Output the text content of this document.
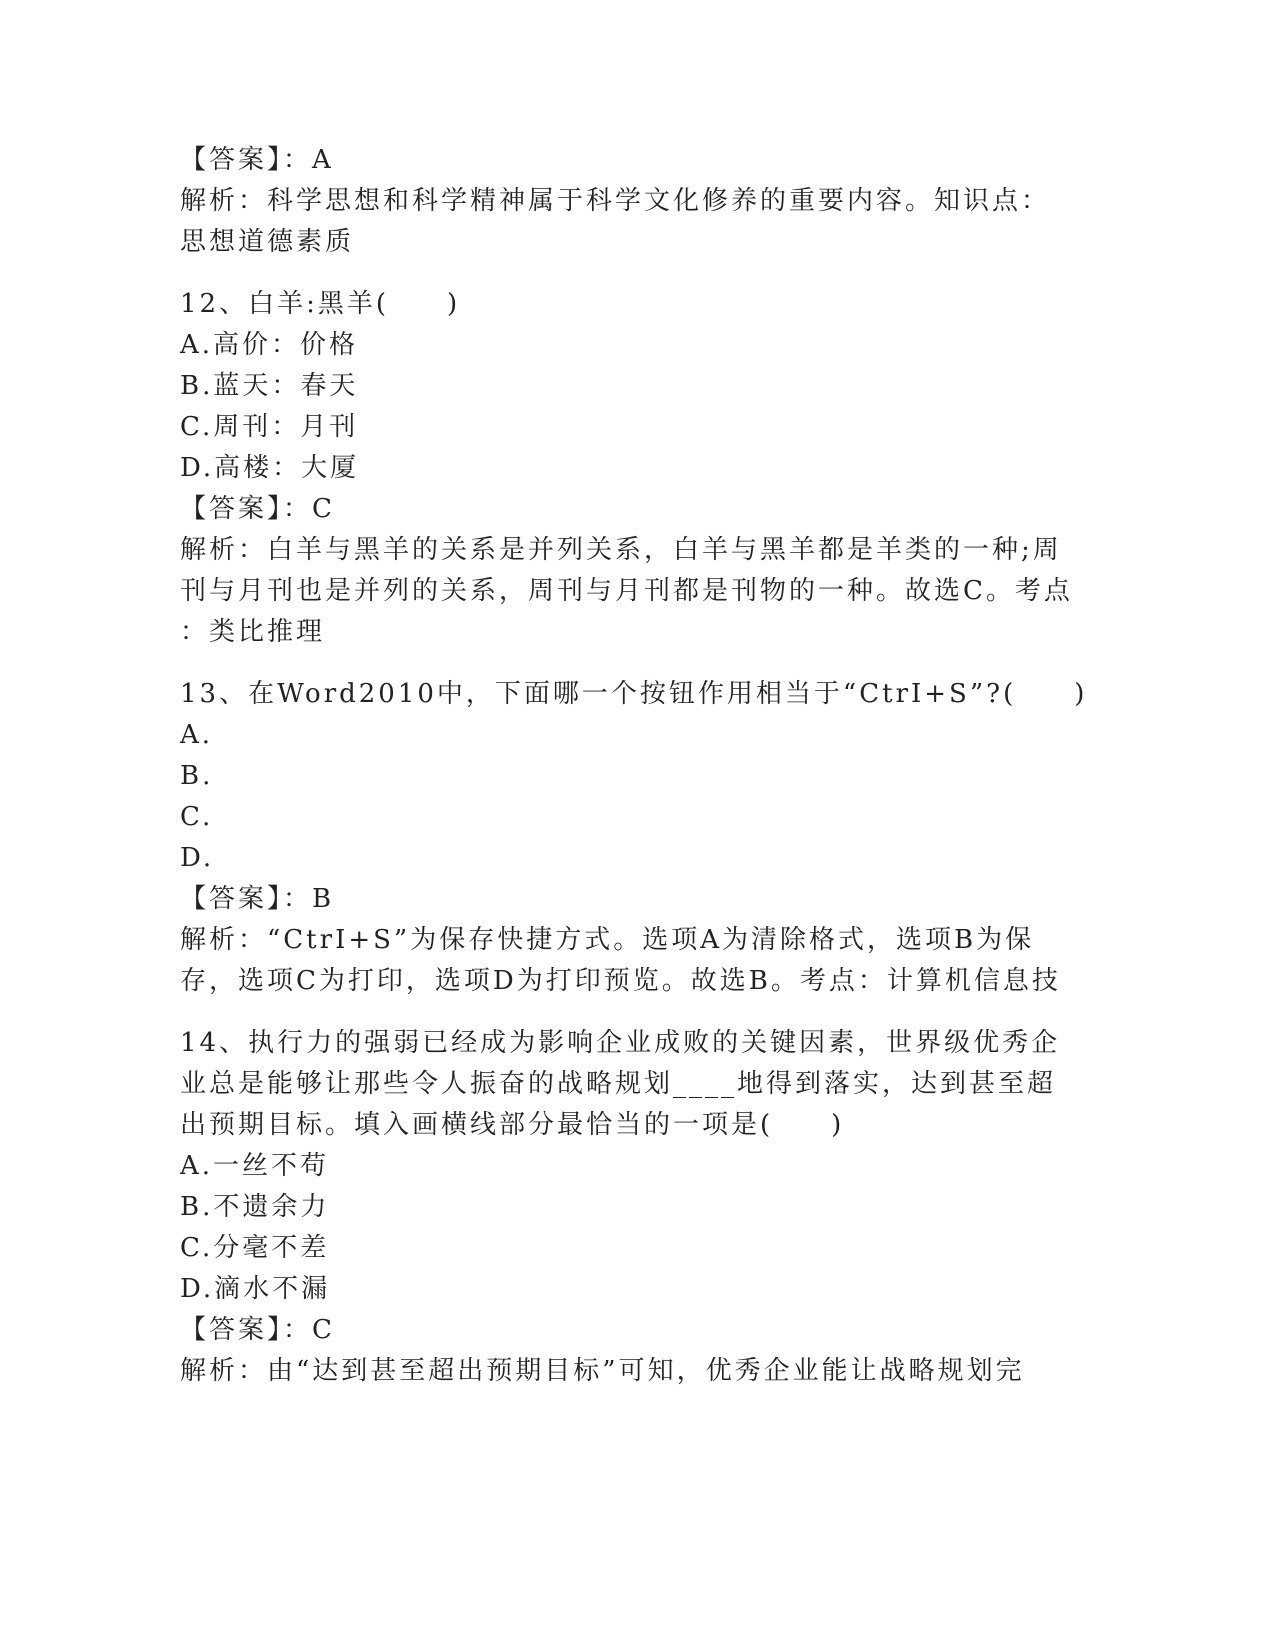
【答案】：A
解析：科学思想和科学精神属于科学文化修养的重要内容。知识点：
思想道德素质
12、白羊:黑羊(　　)
A.高价：价格
B.蓝天：春天
C.周刊：月刊
D.高楼：大厦
【答案】：C
解析：白羊与黑羊的关系是并列关系，白羊与黑羊都是羊类的一种;周
刊与月刊也是并列的关系，周刊与月刊都是刊物的一种。故选C。考点
：类比推理
13、在Word2010中，下面哪一个按钮作用相当于“CtrI+S”?(　　)
A.
B.
C.
D.
【答案】：B
解析：“CtrI+S”为保存快捷方式。选项A为清除格式，选项B为保
存，选项C为打印，选项D为打印预览。故选B。考点：计算机信息技
14、执行力的强弱已经成为影响企业成败的关键因素，世界级优秀企
业总是能够让那些令人振奋的战略规划____地得到落实，达到甚至超
出预期目标。填入画横线部分最恰当的一项是(　　)
A.一丝不苟
B.不遗余力
C.分毫不差
D.滴水不漏
【答案】：C
解析：由“达到甚至超出预期目标”可知，优秀企业能让战略规划完
